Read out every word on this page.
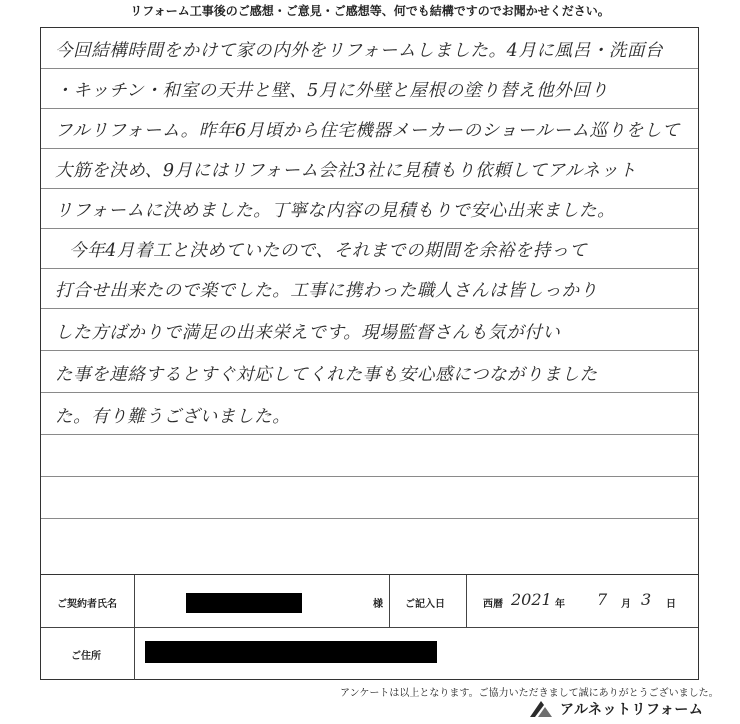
リフォーム工事後のご感想・ご意見・ご感想等、何でも結構ですのでお聞かせください。
今回結構時間をかけて家の内外をリフォームしました。4月に風呂・洗面台
・キッチン・和室の天井と壁、5月に外壁と屋根の塗り替え他外回り
フルリフォーム。昨年6月頃から住宅機器メーカーのショールーム巡りをして
大筋を決め、9月にはリフォーム会社3社に見積もり依頼してアルネット
リフォームに決めました。丁寧な内容の見積もりで安心出来ました。
今年4月着工と決めていたので、それまでの期間を余裕を持って
打合せ出来たので楽でした。工事に携わった職人さんは皆しっかり
した方ばかりで満足の出来栄えです。現場監督さんも気が付い
た事を連絡するとすぐ対応してくれた事も安心感につながりました
た。有り難うございました。
ご契約者氏名	様 ご記入日	西暦 2021 年 7 月 3 日
ご住所
アンケートは以上となります。ご協力いただきまして誠にありがとうございました。
アルネットリフォーム
